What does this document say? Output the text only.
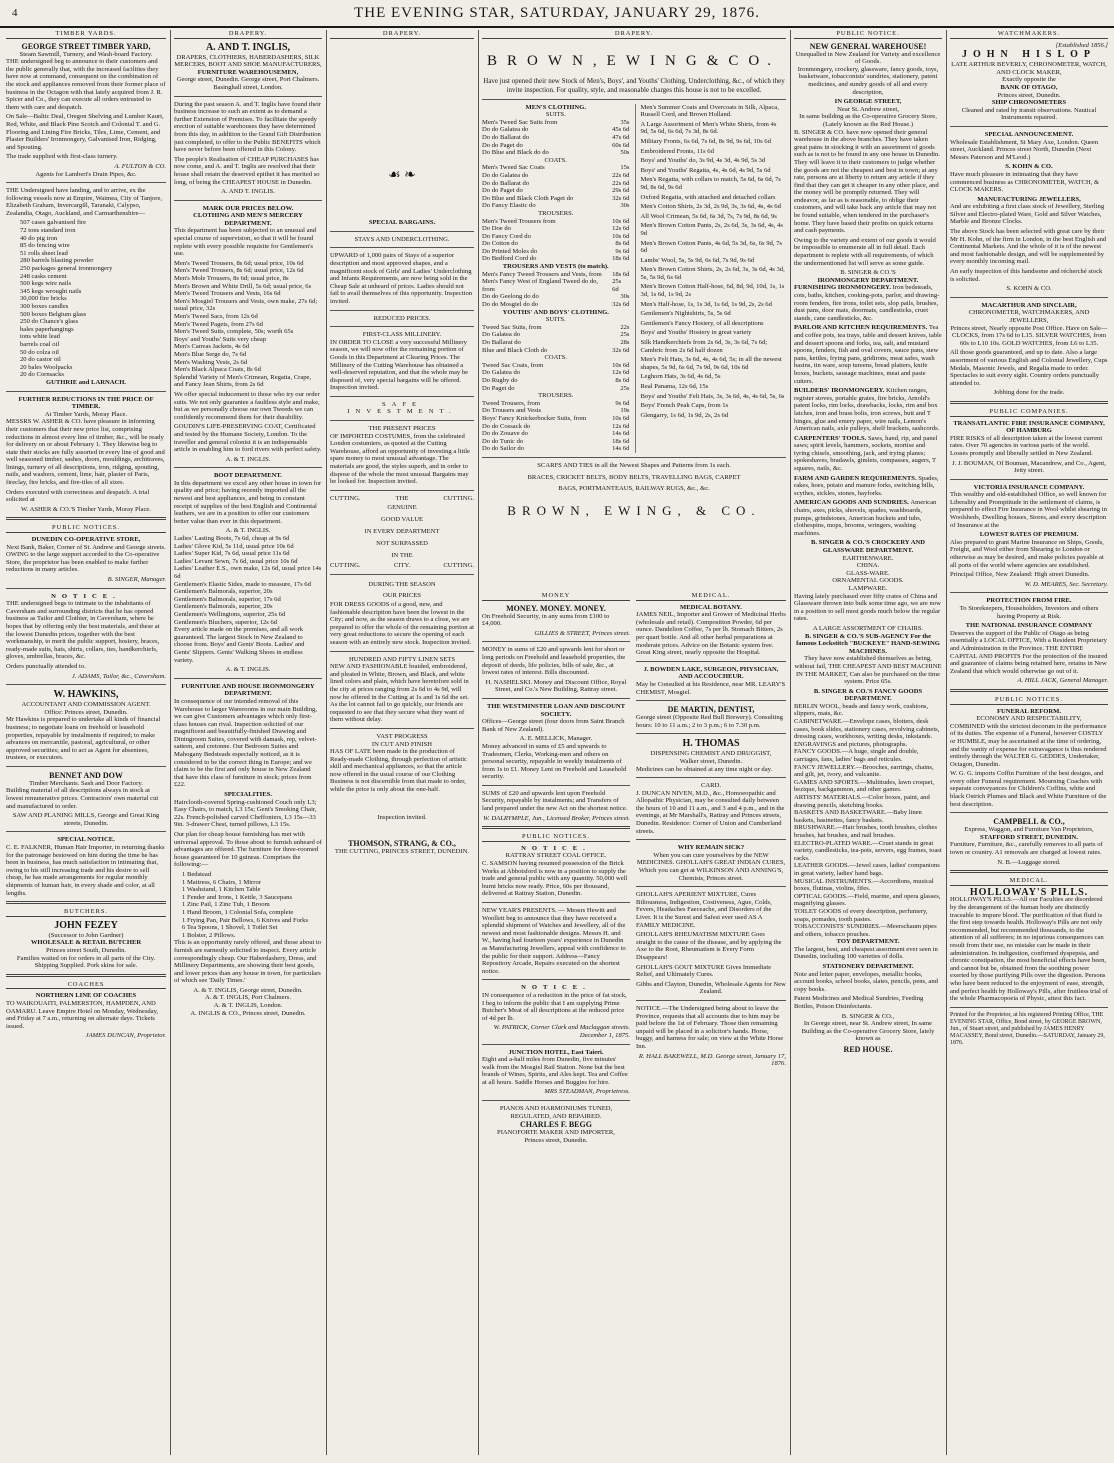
4	THE EVENING STAR, SATURDAY, JANUARY 29, 1876.
TIMBER YARDS.
GEORGE STREET TIMBER YARD,
Steam Sawmill, Turnery, and Wash-board Factory.

THE undersigned beg to announce to their customers and the public generally that, with the increased facilities they have now at command, consequent on the combination of the stock and appliances removed from their former place of business in the Octagon with that lately acquired from J. R. Spicer and Co., they can execute all orders entrusted to them with care and despatch.

On Sale—Baltic Deal, Oregon Shelving and Lumber Kauri, Red, White, and Black Pine Scotch and Colonial T. and G. Flooring and Lining Fire Bricks, Tiles, Lime, Cement, and Plaster Builders' Ironmongery, Galvanised Iron, Ridging, and Spouting.

The trade supplied with first-class turnery.

A. FULTON & CO.
Agents for Lambert's Drain Pipes, &c.

THE Undersigned have landing, and to arrive, ex the following vessels now at Empire, Waimea, City of Tanjore, Elizabeth Graham, Invercargill, Taranaki, Calypso, Zealandia, Otago, Auckland, and Carmarthenshire—

507 cases galvanised fire
72 tons standard iron
40 do pig iron
85 do fencing wire
51 rolls sheet lead
280 barrels blasting powder
250 packages general ironmongery
248 casks cement
500 kegs wire nails
345 kegs wrought nails
30,000 fire bricks
300 boxes candles
500 boxes Belgium glass
250 do Chance's glass
bales paperhangings
tons white lead
barrels coal oil
50 do colza oil
20 do castor oil
20 bales Woolpacks
20 do Cornsacks
GUTHRIE and LARNACH.
FURTHER REDUCTIONS IN THE PRICE OF TIMBER.
At Timber Yards, Moray Place.

MESSRS W. ASHER & CO. have pleasure in informing their customers that their new price list, comprising reductions in almost every line of timber, &c., will be ready for delivery on or about February 1. They likewise beg to state their stocks are fully assorted in every line of good and well seasoned timber, sashes, doors, mouldings, architraves, linings, turnery of all descriptions, iron, ridging, spouting, nails, and washers, cement, lime, hair, plaster of Paris, fireclay, fire bricks, and fire-tiles of all sizes.

Orders executed with correctness and despatch. A trial solicited at

W. ASHER & CO.'S Timber Yards, Moray Place.
PUBLIC NOTICES.
DUNEDIN CO-OPERATIVE STORE,
Next Bank, Baker, Corner of St. Andrew and George streets.

OWING to the large support accorded to the Co-operative Store, the proprietor has been enabled to make further reductions in many articles.

B. SINGER, Manager.
NOTICE.

THE undersigned begs to intimate to the inhabitants of Caversham and surrounding districts that he has opened business as Tailor and Clothier, in Caversham, where he hopes that by offering only the best materials, and these at the lowest Dunedin prices, together with the best workmanship, to merit the public support, hosiery, braces, ready-made suits, hats, shirts, collars, ties, handkerchiefs, gloves, umbrellas, braces, &c.

Orders punctually attended to.

J. ADAMS, Tailor, &c., Caversham.
W. HAWKINS,
ACCOUNTANT AND COMMISSION AGENT.
Office: Princes street, Dunedin.

Mr Hawkins is prepared to undertake all kinds of financial business; to negotiate loans on freehold or leasehold properties, repayable by instalments if required; to make advances on mercantile, pastoral, agricultural, or other approved securities; and to act as Agent for absentees, trustees, or executors.

BENNET AND DOW
Timber Merchants. Sash and Door Factory.

Building material of all descriptions always in stock at lowest remunerative prices. Contractors' own material cut and manufactured to order.

SAW AND PLANING MILLS, George and Great King streets, Dunedin.
SPECIAL NOTICE.

C. E. FALKNER, Human Hair Importer, in returning thanks for the patronage bestowed on him during the time he has been in business, has much satisfaction in intimating that, owing to his still increasing trade and his desire to sell cheap, he has made arrangements for regular monthly shipments of human hair, in every shade and color, at all lengths.

BUTCHERS.
JOHN FEZEY
(Successor to John Gardner)
WHOLESALE & RETAIL BUTCHER
Princes street South, Dunedin.

Families waited on for orders in all parts of the City. Shipping Supplied. Pork skins for sale.

COACHES
NORTHERN LINE OF COACHES

TO WAIKOUAITI, PALMERSTON, HAMPDEN, AND OAMARU. Leave Empire Hotel on Monday, Wednesday, and Friday at 7 a.m., returning on alternate days. Tickets issued.

JAMES DUNCAN, Proprietor.
DRAPERY.
A. AND T. INGLIS,
DRAPERS, CLOTHIERS, HABERDASHERS, SILK MERCERS, BOOT AND SHOE MANUFACTURERS,
FURNITURE WAREHOUSEMEN,
George street, Dunedin. George street, Port Chalmers. Basinghall street, London.

During the past season A. and T. Inglis have found their business increase to such an extent as to demand a further Extension of Premises. To facilitate the speedy erection of suitable warehouses they have determined from this day, in addition to the Grand Gift Distribution just completed, to offer to the Public BENEFITS which have never before been offered in this Colony.

The people's Realisation of CHEAP PURCHASES has now come, and A. and T. Inglis are resolved that their house shall retain the deserved epithet it has merited so long, of being the CHEAPEST HOUSE in Dunedin.

A. AND T. INGLIS.
MARK OUR PRICES BELOW.
CLOTHING AND MEN'S MERCERY DEPARTMENT.

This department has been subjected to an unusual and special course of supervision, so that it will be found replete with every possible requisite for Gentlemen's use.

Men's Tweed Trousers, 8s 6d; usual price, 10s 6d
Men's Tweed Trousers, 8s 6d; usual price, 12s 6d
Men's Mole Trousers, 8s 6d; usual price, 8s
Men's Brown and White Drill, 5s 6d; usual price, 6s
Men's Tweed Trousers and Vests, 16s 6d
Men's Mosgiel Trousers and Vests, own make, 27s 6d; usual price, 32s
Men's Tweed Sacs, from 12s 6d
Men's Tweed Pagets, from 27s 6d
Men's Tweed Suits, complete, 50s; worth 65s
Boys' and Youths' Suits very cheap
Men's Canvas Jackets, 4s 6d
Men's Blue Serge do, 7s 6d
Men's Washing Vests, 2s 6d
Men's Black Alpaca Coats, 8s 6d

Splendid Variety of Men's Crimean, Regatta, Crape, and Fancy Jean Shirts, from 2s 6d

We offer special inducement to those who try our order suits. We not only guarantee a faultless style and make, but as we personally choose our own Tweeds we can confidently recommend them for their durability.

GOUDIN'S LIFE-PRESERVING COAT, Certificated and tested by the Humane Society, London. To the traveller and general colonist it is an indispensable article in enabling him to ford rivers with perfect safety.

A. & T. INGLIS.
BOOT DEPARTMENT.

In this department we excel any other house in town for quality and price; having recently imported all the newest and best appliances, and being in constant receipt of supplies of the best English and Continental leathers, we are in a position to offer our customers better value than ever in this department.

A. & T. INGLIS.
Ladies' Lasting Boots, 7s 6d, cheap at 9s 6d
Ladies' Glove Kid, 5s 11d, usual price 10s 6d
Ladies' Super Kid, 7s 6d, usual price 11s 6d
Ladies' Levant Sewn, 7s 6d, usual price 10s 6d
Ladies' Leather E.S., own make, 12s 6d, usual price 14s 6d
Gentlemen's Elastic Sides, made to measure, 17s 6d
Gentlemen's Balmorals, superior, 20s
Gentlemen's Balmorals, superior, 17s 6d
Gentlemen's Balmorals, superior, 20s
Gentlemen's Wellingtons, superior, 25s 6d
Gentlemen's Bluchers, superior, 12s 6d

Every article made on the premises, and all work guaranteed. The largest Stock in New Zealand to choose from. Boys' and Gents' Boots. Ladies' and Gents' Slippers. Gents' Walking Shoes in endless variety.

A. & T. INGLIS.
FURNITURE AND HOUSE IRONMONGERY DEPARTMENT.

In consequence of our intended removal of this Warehouse to larger Warerooms in our main Building, we can give Customers advantages which only first-class houses can rival. Inspection solicited of our magnificent and beautifully-finished Drawing and Diningroom Suites, covered with damask, rep, velvet-satteen, and cretonne. Our Bedroom Suites and Mahogany Bedsteads especially noticed, as it is considered to be the correct thing in Europe; and we claim to be the first and only house in New Zealand that have this class of furniture in stock; prices from £22.

SPECIALITIES.

Hairclooth-covered Spring-cushioned Couch only L3; Easy Chairs, to match, L3 15s; Gent's Smoking Chair, 22s. French-polished carved Cheffoniers, L3 15s—33 9in. 3-drawer Chest, turned pillows, L3 15s.

Our plan for cheap house furnishing has met with universal approval. To those about to furnish unheard of advantages are offered. The furniture for three-roomed house guaranteed for 10 guineas. Comprises the following:—

1 Bedstead
1 Mattress, 6 Chairs, 1 Mirror
1 Washstand, 1 Kitchen Table
1 Fender and Irons, 1 Kettle, 3 Saucepans
1 Zinc Pail, 1 Zinc Tub, 1 Broom
1 Hand Broom, 1 Colonial Sofa, complete
1 Frying Pan, Pair Bellows, 6 Knives and Forks
6 Tea Spoons, 1 Shovel, 1 Toilet Set
1 Bolster, 2 Pillows.

This is an opportunity rarely offered, and those about to furnish are earnestly solicited to inspect. Every article correspondingly cheap. Our Haberdashery, Dress, and Millinery Departments, are showing their best goods, and lower prices than any house in town, for particulars of which see 'Daily Times.'

A. & T. INGLIS, George street, Dunedin.
A. & T. INGLIS, Port Chalmers.
A. & T. INGLIS, London.
A. INGLIS & CO., Princes street, Dunedin.
DRAPERY.
☙ ❧
SPECIAL BARGAINS.
STAYS AND UNDERCLOTHING.

UPWARD of 1,000 pairs of Stays of a superior description and most approved shapes, and a magnificent stock of Girls' and Ladies' Underclothing and Infants Requirements, are now being sold in the Cheap Sale at unheard of prices. Ladies should not fail to avail themselves of this opportunity. Inspection invited.

REDUCED PRICES.
FIRST-CLASS MILLINERY.

IN ORDER TO CLOSE a very successful Millinery season, we will now offer the remaining portion of Goods in this Department at Clearing Prices. The Millinery of the Cutting Warehouse has obtained a well-deserved reputation, and that the whole may be disposed of, very special bargains will be offered. Inspection invited.

SAFE INVESTMENT.
THE PRESENT PRICES

OF IMPORTED COSTUMES, from the celebrated London costumiers, as quoted at the Cutting Warehouse, afford an opportunity of investing a little spare money to most unusual advantage. The materials are good, the styles superb, and in order to dispose of the whole the most unusual Bargains may be looked for. Inspection invited.

CUTTING.	THE	CUTTING.
GENUINE
GOOD VALUE
IN EVERY DEPARTMENT
NOT SURPASSED
IN THE
CUTTING.	CITY.	CUTTING.
DURING THE SEASON
OUR PRICES

FOR DRESS GOODS of a good, new, and fashionable description have been the lowest in the City; and now, as the season draws to a close, we are prepared to offer the whole of the remaining portion at very great reductions to secure the opening of each season with an entirely new stock. Inspection invited.

HUNDRED AND FIFTY LINEN SETS

NEW AND FASHIONABLE braided, embroidered, and pleated in White, Brown, and Black, and white lined colors and plain, which have heretofore sold in the city at prices ranging from 2s 6d to 4s 9d, will now be offered in the Cutting at 1s and 1s 6d the set. As the lot cannot fail to go quickly, our friends are requested to see that they secure what they want of them without delay.

VAST PROGRESS
IN CUT AND FINISH

HAS OF LATE been made in the production of Ready-made Clothing, through perfection of artistic skill and mechanical appliances, so that the article now offered in the usual course of our Clothing Business is not discernible from that made to order, while the price is only about the one-half.

Inspection invited.
THOMSON, STRANG, & CO.,
THE CUTTING, PRINCES STREET, DUNEDIN.
DRAPERY.
B R O W N , E W I N G & C O.

Have just opened their new Stock of Men's, Boys', and Youths' Clothing, Underclothing, &c., of which they invite inspection. For quality, style, and reasonable charges this house is not to be excelled.

MEN'S CLOTHING.
SUITS.
Men's Tweed Sac Suits from	35s
Do do Galatea do	45s 6d
Do do Ballarat do	47s 6d
Do do Paget do	60s 6d
Do Blue and Black do do	50s
COATS.
Men's Tweed Sac Coats	15s
Do do Galatea do	22s 6d
Do do Ballarat do	22s 6d
Do do Paget do	29s 6d
Do Blue and Black Cloth Paget do	32s 6d
Do Fancy Elastic do	30s
TROUSERS.
Men's Tweed Trousers from	10s 6d
Do Doe do	12s 6d
Do Fancy Cord do	10s 6d
Do Cotton do	8s 6d
Do Printed Moles do	9s 6d
Do Bedford Cord do	18s 6d
TROUSERS AND VESTS (to match).
Men's Fancy Tweed Trousers and Vests, from 18s 6d
Men's Fancy West of England Tweed do do, from
25s 6d
Do do Geelong do do	30s
Do do Mosgiel do do	32s 6d
YOUTHS' AND BOYS' CLOTHING.
SUITS.
Tweed Sac Suits, from	22s
Do Galatea do	25s
Do Ballarat do	28s
Blue and Black Cloth do	32s 6d
COATS.
Tweed Sac Coats, from	10s 6d
Do Galatea do	12s 6d
Do Rugby do	8s 6d
Do Paget do	25s
TROUSERS.
Tweed Trousers, from	9s 6d
Do Trousers and Vests	19s
Boys' Fancy Knickerbocker Suits, from	10s 6d
Do do Cossack do	12s 6d
Do do Zouave do	14s 6d
Do do Tunic do	18s 6d
Do do Sailor do	14s 6d

Men's Summer Coats and Overcoats in Silk, Alpaca, Russell Cord, and Brown Holland.

A Large Assortment of Men's White Shirts, from 4s 9d, 5s 6d, 6s 6d, 7s 3d, 8s 6d.

Military Fronts, 6s 6d, 7s 6d, 8s 9d, 9s 6d, 10s 6d

Embroidered Fronts, 11s 6d

Boys' and Youths' do, 3s 9d, 4s 3d, 4s 9d, 5s 3d

Boys' and Youths' Regatta, 4s, 4s 6d, 4s 9d, 5s 6d

Men's Regatta, with collars to match, 5s 6d, 6s 6d, 7s 9d, 8s 6d, 9s 6d

Oxford Regatta, with attached and detached collars

Men's Cotton Shirts, 2s 3d, 2s 9d, 3s, 3s 6d, 4s, 4s 6d

All Wool Crimean, 5s 6d, 6s 3d, 7s, 7s 9d, 8s 6d, 9s

Men's Brown Cotton Pants, 2s, 2s 6d, 3s, 3s 6d, 4s, 4s 9d

Men's Brown Cotton Pants, 4s 6d, 5s 3d, 6s, 6s 9d, 7s 6d

Lambs' Wool, 5s, 5s 9d, 6s 6d, 7s 9d, 9s 6d

Men's Brown Cotton Shirts, 2s, 2s 6d, 3s, 3s 6d, 4s 3d, 5s, 5s 9d, 6s 6d

Men's Brown Cotton Half-hose, 6d, 8d, 9d, 10d, 1s, 1s 3d, 1s 6d, 1s 9d, 2s

Men's Half-hose, 1s, 1s 3d, 1s 6d, 1s 9d, 2s, 2s 6d

Gentlemen's Nightshirts, 5s, 5s 6d

Gentlemen's Fancy Hosiery, of all descriptions

Boys' and Youths' Hosiery in great variety

Silk Handkerchiefs from 2s 6d, 3s, 3s 6d, 7s 6d; Cambric from 2s 6d half dozen

Men's Felt Hats, 3s 6d, 4s, 4s 6d, 5s; in all the newest shapes, 5s 9d, 6s 6d, 7s 9d, 9s 6d, 10s 6d

Leghorn Hats, 3s 6d, 4s 6d, 5s

Real Panama, 12s 6d, 15s

Boys' and Youths' Felt Hats, 3s, 3s 6d, 4s, 4s 6d, 5s, 6s

Boys' French Peak Caps, from 1s

Glengarry, 1s 6d, 1s 9d, 2s, 2s 6d

SCARFS AND TIES in all the Newest Shapes and Patterns from 1s each.
BRACES, CRICKET BELTS, BODY BELTS, TRAVELLING BAGS, CARPET
BAGS, PORTMANTEAUS, RAILWAY RUGS, &c., &c.
BROWN, EWING, & CO.
MONEY
MONEY. MONEY. MONEY.

On Freehold Security, in any sums from £100 to £4,000.

GILLIES & STREET, Princes street.

MONEY in sums of £20 and upwards lent for short or long periods on Freehold and leasehold properties, the deposit of deeds, life policies, bills of sale, &c., at lowest rates of interest. Bills discounted.

H. NASHELSKI. Money and Discount Office, Royal Street, and Co.'s New Building, Rattray street.
THE WESTMINSTER LOAN AND DISCOUNT SOCIETY.

Offices—George street (four doors from Saint Branch Bank of New Zealand).

A. E. MELLICK, Manager.

Money advanced in sums of £5 and upwards to Tradesmen, Clerks, Working-men and others on personal security, repayable in weekly instalments of from 1s to £1. Money Lent on Freehold and Leasehold security.

SUMS of £20 and upwards lent upon Freehold Security, repayable by instalments; and Transfers of land prepared under the new Act on the shortest notice.

W. DALRYMPLE, Jun., Licensed Broker, Princes street.
PUBLIC NOTICES.
NOTICE.
RATTRAY STREET COAL OFFICE.

C. SAMSON having resumed possession of the Brick Works at Abbotsford is now in a position to supply the trade and general public with any quantity. 50,000 well burnt bricks now ready. Price, 60s per thousand, delivered at Rattray Station, Dunedin.

NEW YEAR'S PRESENTS. — Messrs Hewitt and Woollett beg to announce that they have received a splendid shipment of Watches and Jewellery, all of the newest and most fashionable designs. Messrs H. and W., having had fourteen years' experience in Dunedin as Manufacturing Jewellers, appeal with confidence to the public for their support. Address—Fancy Repository Arcade, Repairs executed on the shortest notice.

NOTICE.

IN consequence of a reduction in the price of fat stock, I beg to inform the public that I am supplying Prime Butcher's Meat of all descriptions at the reduced price of 4d per lb.

W. PATRICK, Corner Clark and Maclaggan streets. December 1, 1875.
JUNCTION HOTEL, East Taieri.

Eight and a-half miles from Dunedin, five minutes' walk from the Mosgiel Rail Station. None but the best brands of Wines, Spirits, and Ales kept. Tea and Coffee at all hours. Saddle Horses and Buggies for hire.

MRS STEADMAN, Proprietress.
PIANOS AND HARMONIUMS TUNED, REGULATED, AND REPAIRED.
CHARLES F. BEGG
PIANOFORTE MAKER AND IMPORTER,
Princes street, Dunedin.
MEDICAL.
MEDICAL BOTANY.

JAMES NEIL, Importer and Grower of Medicinal Herbs (wholesale and retail). Composition Powder, 6d per ounce. Dandelion Coffee, 7s per lb. Stomach Bitters, 2s per quart bottle. And all other herbal preparations at moderate prices. Advice on the Botanic system free. Great King street, nearly opposite the Hospital.

J. BOWDEN LAKE, SURGEON, PHYSICIAN, AND ACCOUCHEUR.

May be Consulted at his Residence, near MR. LEARY'S CHEMIST, Mosgiel.

DE MARTIN, DENTIST,

George street (Opposite Red Bull Brewery). Consulting hours: 10 to 11 a.m.; 2 to 3 p.m.; 6 to 7.30 p.m.

H. THOMAS
DISPENSING CHEMIST AND DRUGGIST,
Walker street, Dunedin.

Medicines can be obtained at any time night or day.

CARD.

J. DUNCAN NIVEN, M.D., &c., Homoeopathic and Allopathic Physician, may be consulted daily between the hours of 10 and 11 a.m., and 3 and 4 p.m., and in the evenings, at Mr Marshall's, Rattray and Princes streets, Dunedin. Residence: Corner of Union and Cumberland streets.

WHY REMAIN SICK?

When you can cure yourselves by the NEW MEDICINES. GHOLLAH'S GREAT INDIAN CURES, Which you can get at WILKINSON AND ANNING'S, Chemists, Princes street.

GHOLLAH'S APERIENT MIXTURE, Cures Biliousness, Indigestion, Costiveness, Ague, Colds, Fevers, Headaches Faeceache, and Disorders of the Liver. It is the Surest and Safest ever used AS A FAMILY MEDICINE.

GHOLLAH'S RHEUMATISM MIXTURE Goes straight to the cause of the disease, and by applying the Axe to the Root, Rheumatism is Every Form Disappears!

GHOLLAH'S GOUT MIXTURE Gives Immediate Relief, and Ultimately Cures.

Gibbs and Clayton, Dunedin, Wholesale Agents for New Zealand.

NOTICE.—The Undersigned being about to leave the Province, requests that all accounts due to him may be paid before the 1st of February. Those then remaining unpaid will be placed in a solicitor's hands. Horse, buggy, and harness for sale; on view at the White Horse Inn.

R. HALL BAKEWELL, M.D. George street, January 17, 1876.
PUBLIC NOTICE.
NEW GENERAL WAREHOUSE!
Unequalled in New Zealand for Variety and excellence of Goods.

Ironmongery, crockery, glassware, fancy goods, toys, basketware, tobacconists' sundries, stationery, patent medicines, and sundry goods of all and every description,

IN GEORGE STREET,
Near St. Andrew street,
In same building as the Co-operative Grocery Store,
(Lately known as the Red House.)

B. SINGER & CO. have now opened their general warehouse in the above branches. They have taken great pains in stocking it with an assortment of goods such as is not to be found in any one house in Dunedin. They will leave it to their customers to judge whether the goods are not the cheapest and best in town; at any rate, persons are at liberty to return any article if they find that they can get it cheaper in any other place, and the money will be promptly returned. They will endeavor, as far as is reasonable, to oblige their customers, and will take back any article that may not be found suitable, when tendered in the purchaser's home. They have based their profits on quick returns and cash payments.

Owing to the variety and extent of our goods it would be impossible to enumerate all in full detail. Each department is replete with all requirements, of which the undermentioned list will serve as some guide.

B. SINGER & CO.'S
IRONMONGERY DEPARTMENT.

FURNISHING IRONMONGERY. Iron bedsteads, cots, baths, kitchen, cooking-pots, parlor, and drawing-room fenders, fire irons, toilet sets, slop pails, brushes, dust pans, door mats, doormats, candlesticks, cruet stands, cane candlesticks, &c.

PARLOR AND KITCHEN REQUIREMENTS. Tea and coffee pots, tea trays, table and dessert knives, table and dessert spoons and forks, tea, salt, and mustard spoons, fenders, fish and oval covers, sauce pans, stew pans, kettles, frying pans, gridirons, meat safes, wash basins, tin ware, soup tureens, bread platters, knife boxes, buckets, sausage machines, meat and paste cutters.

BUILDERS' IRONMONGERY. Kitchen ranges, register stoves, portable grates, fire bricks, Arnold's patent locks, rim locks, drawbacks, locks, rim and box latches, iron and brass bolts, iron screws, butt and T hinges, glue and emery paper, wire nails, Lemon's American nails, axle pulleys, shelf brackets, sashcords.

CARPENTERS' TOOLS. Saws, hand, rip, and panel saws; spirit levels, hammers, sockets, mortise and tyring chisels, smoothing, jack, and trying planes; spokeshaves, bradawls, gimlets, compasses, augers, T squares, nails, &c.

FARM AND GARDEN REQUIREMENTS. Spades, rakes, hoes, potato and manure forks, switching bills, scythes, sickles, stones, hayforks.

AMERICAN GOODS AND SUNDRIES. American chairs, axes, picks, shovels, spades, washboards, pumps, grindstones, American buckets and tubs, clothespins, mops, brooms, wringers, washing machines.

B. SINGER & CO.'S CROCKERY AND GLASSWARE DEPARTMENT.
EARTHENWARE.
CHINA.
GLASS-WARE.
ORNAMENTAL GOODS.
LAMPWARE.

Having lately purchased over fifty crates of China and Glassware thrown into bulk some time ago, we are now in a position to sell most goods much below the regular rates.

A LARGE ASSORTMENT OF CHAIRS.
B. SINGER & CO.'S SUB-AGENCY For the famous Lockstitch "BUCKEYE" HAND-SEWING MACHINES.

They have now established themselves as being, without fail, THE CHEAPEST AND BEST MACHINE IN THE MARKET, Can also be purchased on the time system. Price 65s.

B. SINGER & CO.'S FANCY GOODS DEPARTMENT.
BERLIN WOOL, beads and fancy work, cushions, slippers, mats, &c.
CABINETWARE.—Envelope cases, blotters, desk cases, book slides, stationery cases, revolving cabinets, dressing cases, workboxes, writing desks, inkstands.
ENGRAVINGS and pictures, photographs.
FANCY GOODS.—A huge, single and double, carriages, fans, ladies' bags and reticules.
FANCY JEWELLERY.—Brooches, earrings, chains, and gilt, jet, ivory, and vulcanite.
GAMES AND SPORTS.—Multitudes, lawn croquet, bezique, backgammon, and other games.
ARTISTS' MATERIALS.—Color boxes, paint, and drawing pencils, sketching books.
BASKETS AND BASKETWARE.—Baby linen baskets, basinettes, fancy baskets.
BRUSHWARE.—Hair brushes, tooth brushes, clothes brushes, hat brushes, and nail brushes.
ELECTRO-PLATED WARE.—Cruet stands in great variety, candlesticks, tea-pots, servers, egg frames, toast racks.
LEATHER GOODS.—Jewel cases, ladies' companions in great variety, ladies' hand bags.
MUSICAL INSTRUMENTS.—Accordions, musical boxes, flutinas, violins, fifes.
OPTICAL GOODS.—Field, marine, and opera glasses, magnifying glasses.
TOILET GOODS of every description, perfumery, soaps, pomades, tooth pastes.
TOBACCONISTS' SUNDRIES.—Meerschaum pipes and others, tobacco pouches.
TOY DEPARTMENT.

The largest, best, and cheapest assortment ever seen in Dunedin, including 100 varieties of dolls.

STATIONERY DEPARTMENT.

Note and letter paper, envelopes, metallic books, account books, school books, slates, pencils, pens, and copy books.

Patent Medicines and Medical Sundries, Feeding Bottles, Poison Disinfectants.

B. SINGER & CO.,

In George street, near St. Andrew street, In same Building as the Co-operative Grocery Store, lately known as

RED HOUSE.
WATCHMAKERS.
[Established 1856.]
JOHN HISLOP
LATE ARTHUR BEVERLY, CHRONOMETER, WATCH, AND CLOCK MAKER,
Exactly opposite the
BANK OF OTAGO,
Princes street, Dunedin.
SHIP CHRONOMETERS

Cleaned and rated by transit observations. Nautical Instruments repaired.

SPECIAL ANNOUNCEMENT.

Wholesale Establishment, St Mary Axe, London. Queen street, Auckland. Princes street North, Dunedin (Next Messrs Paterson and M'Leod.)

S. KOHN & CO.

Have much pleasure in intimating that they have commenced business as CHRONOMETER, WATCH, & CLOCK MAKERS.

MANUFACTURING JEWELLERS,

And are exhibiting a first class stock of Jewellery, Sterling Silver and Electro-plated Ware, Gold and Silver Watches, Marble and Bronze Clocks.

The above Stock has been selected with great care by their Mr H. Kohn, of the firm in London, in the best English and Continental Markets. And the whole of it is of the newest and most fashionable design, and will be supplemented by every monthly incoming mail.

An early inspection of this handsome and récherché stock is solicited.

S. KOHN & CO.
MACARTHUR AND SINCLAIR,
CHRONOMETER, WATCHMAKERS, AND JEWELLERS,
Princes street, Nearly opposite Post Office. Have on Sale—

CLOCKS, from 17s 6d to L15. SILVER WATCHES, from 60s to L10 10s. GOLD WATCHES, from L6 to L35.

All those goods guaranteed, and up to date. Also a large assortment of various English and Colonial Jewellery, Cups Medals, Masonic Jewels, and Regalia made to order. Spectacles to suit every sight. Country orders punctually attended to.

Jobbing done for the trade.
PUBLIC COMPANIES.
TRANSATLANTIC FIRE INSURANCE COMPANY, OF HAMBURG

FIRE RISKS of all description taken at the lowest current rates. Over 70 agencies in various parts of the world. Losses promptly and liberally settled in New Zealand.

J. J. BOUMAN, Of Bouman, Macandrew, and Co., Agent, Jetty street.
VICTORIA INSURANCE COMPANY.

This wealthy and old-established Office, so well known for Liberality and Promptitude in the settlement of claims, is prepared to effect Fire Insurance in Wool whilst shearing in Woolsheds, Dwelling houses, Stores, and every description of Insurance at the

LOWEST RATES OF PREMIUM.

Also prepared to grant Marine Insurance on Ships, Goods, Freight, and Wool either from Shearing to London or otherwise as may be desired, and make policies payable at all ports of the world where agencies are established.

Principal Office, New Zealand: High street Dunedin.

W. D. MEARES, Sec. Secretary.
PROTECTION FROM FIRE.

To Storekeepers, Householders, Investors and others having Property at Risk.

THE NATIONAL INSURANCE COMPANY

Deserves the support of the Public of Otago as being essentially a LOCAL OFFICE, With a Resident Proprietary and Administration in the Province. THE ENTIRE CAPITAL AND PROFITS For the protection of the insured and guarantee of claims being retained here, retains in New Zealand that which would otherwise go out of it.

A. HILL JACK, General Manager.
PUBLIC NOTICES.
FUNERAL REFORM.
ECONOMY AND RESPECTABILITY,

COMBINED with the strictest decorum in the performance of its duties. The expense of a Funeral, however COSTLY or HUMBLE, may be ascertained at the time of ordering, and the vanity of expense for extravagance is thus rendered entirely through the WALTER G. GEDDES, Undertaker, Octagon, Dunedin.

W. G. G. imports Coffin Furniture of the best designs, and every other Funeral requirement. Mourning Coaches with separate conveyances for Children's Coffins, white and black Ostrich Plumes and Black and White Furniture of the best description.

CAMPBELL & CO.,
Express, Waggon, and Furniture Van Proprietors,
STAFFORD STREET, DUNEDIN.

Furniture, Furniture, &c., carefully removes to all parts of town or country. A1 removals are charged at lowest rates.

N. B.—Luggage stored.
MEDICAL.
HOLLOWAY'S PILLS.

HOLLOWAY'S PILLS.—All our Faculties are disordered by the derangement of the human body are distinctly traceable to impure blood. The purification of that fluid is the first step towards health. Holloway's Pills are not only recommended, but recommended thousands, to the attention of all sufferers; in no injurious consequences can result from their use, no mistake can be made in their administration. In indigestion, confirmed dyspepsia, and chronic constipation, the most beneficial effects have been, and cannot but be, obtained from the soothing power exerted by those purifying Pills over the digestion. Persons who have been reduced to the enjoyment of ease, strength, and perfect health by Holloway's Pills, after fruitless trial of the whole Pharmacopoeia of Physic, attest this fact.

Printed for the Proprietor, at his registered Printing Office, THE EVENING STAR, Office, Bond street, by GEORGE BROWN, Jun., of Stuart street, and published by JAMES HENRY MACASSEY, Bond street, Dunedin.—SATURDAY, January 29, 1876.
